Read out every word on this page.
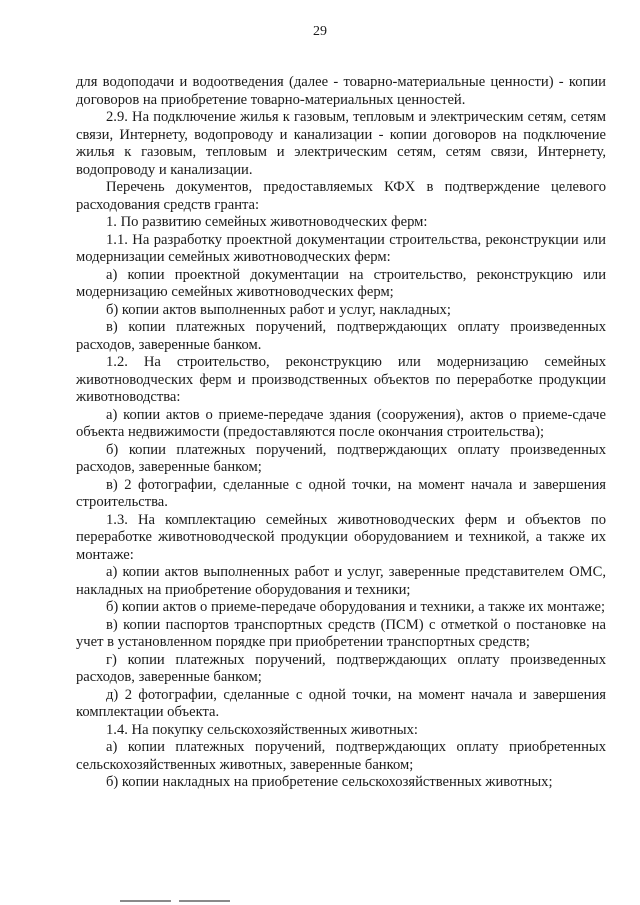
29

для водоподачи и водоотведения (далее - товарно-материальные ценности) - копии договоров на приобретение товарно-материальных ценностей.

2.9. На подключение жилья к газовым, тепловым и электрическим сетям, сетям связи, Интернету, водопроводу и канализации - копии договоров на подключение жилья к газовым, тепловым и электрическим сетям, сетям связи, Интернету, водопроводу и канализации.

Перечень документов, предоставляемых КФХ в подтверждение целевого расходования средств гранта:

1. По развитию семейных животноводческих ферм:

1.1. На разработку проектной документации строительства, реконструкции или модернизации семейных животноводческих ферм:

а) копии проектной документации на строительство, реконструкцию или модернизацию семейных животноводческих ферм;

б) копии актов выполненных работ и услуг, накладных;

в) копии платежных поручений, подтверждающих оплату произведенных расходов, заверенные банком.

1.2. На строительство, реконструкцию или модернизацию семейных животноводческих ферм и производственных объектов по переработке продукции животноводства:

а) копии актов о приеме-передаче здания (сооружения), актов о приеме-сдаче объекта недвижимости (предоставляются после окончания строительства);

б) копии платежных поручений, подтверждающих оплату произведенных расходов, заверенные банком;

в) 2 фотографии, сделанные с одной точки, на момент начала и завершения строительства.

1.3. На комплектацию семейных животноводческих ферм и объектов по переработке животноводческой продукции оборудованием и техникой, а также их монтаже:

а) копии актов выполненных работ и услуг, заверенные представителем ОМС, накладных на приобретение оборудования и техники;

б) копии актов о приеме-передаче оборудования и техники, а также их монтаже;

в) копии паспортов транспортных средств (ПСМ) с отметкой о постановке на учет в установленном порядке при приобретении транспортных средств;

г) копии платежных поручений, подтверждающих оплату произведенных расходов, заверенные банком;

д) 2 фотографии, сделанные с одной точки, на момент начала и завершения комплектации объекта.

1.4. На покупку сельскохозяйственных животных:

а) копии платежных поручений, подтверждающих оплату приобретенных сельскохозяйственных животных, заверенные банком;

б) копии накладных на приобретение сельскохозяйственных животных;
